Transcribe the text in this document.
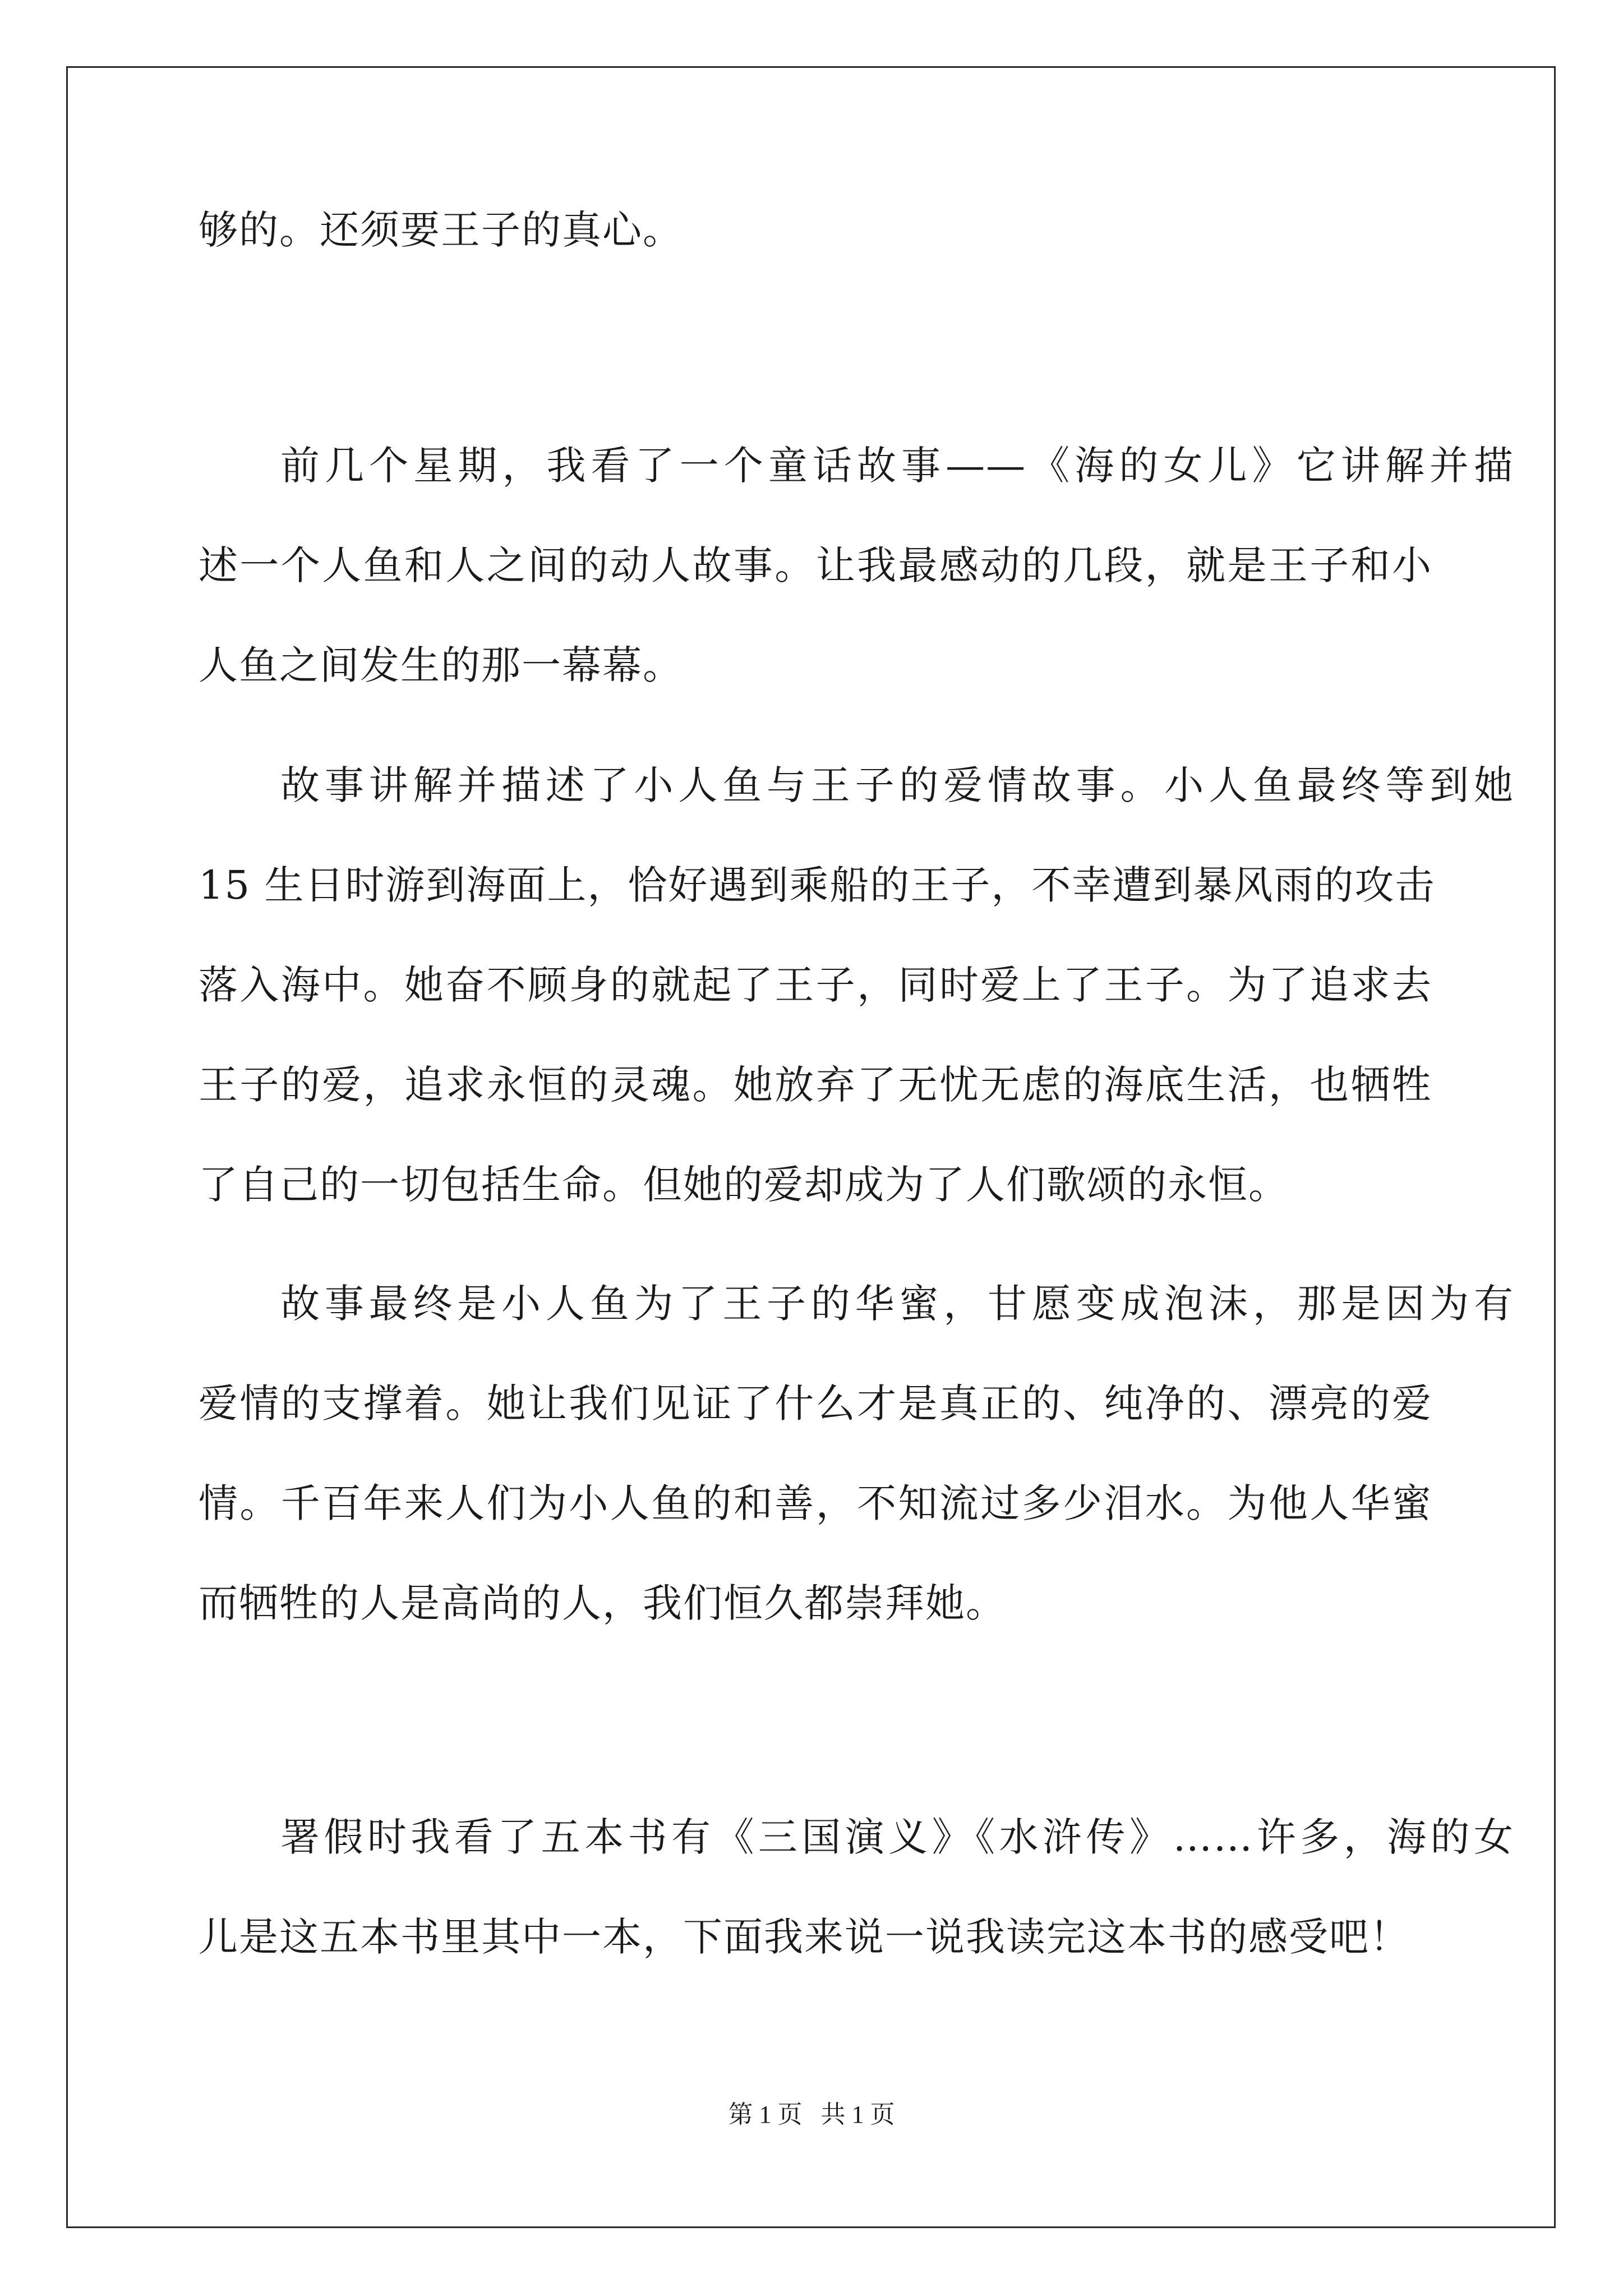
够的。还须要王子的真心。
前几个星期，我看了一个童话故事——《海的女儿》它讲解并描
述一个人鱼和人之间的动人故事。让我最感动的几段，就是王子和小
人鱼之间发生的那一幕幕。
故事讲解并描述了小人鱼与王子的爱情故事。小人鱼最终等到她
15 生日时游到海面上，恰好遇到乘船的王子，不幸遭到暴风雨的攻击
落入海中。她奋不顾身的就起了王子，同时爱上了王子。为了追求去
王子的爱，追求永恒的灵魂。她放弃了无忧无虑的海底生活，也牺牲
了自己的一切包括生命。但她的爱却成为了人们歌颂的永恒。
故事最终是小人鱼为了王子的华蜜，甘愿变成泡沫，那是因为有
爱情的支撑着。她让我们见证了什么才是真正的、纯净的、漂亮的爱
情。千百年来人们为小人鱼的和善，不知流过多少泪水。为他人华蜜
而牺牲的人是高尚的人，我们恒久都崇拜她。
署假时我看了五本书有《三国演义》《水浒传》……许多，海的女
儿是这五本书里其中一本，下面我来说一说我读完这本书的感受吧！
第 1 页 共 1 页
